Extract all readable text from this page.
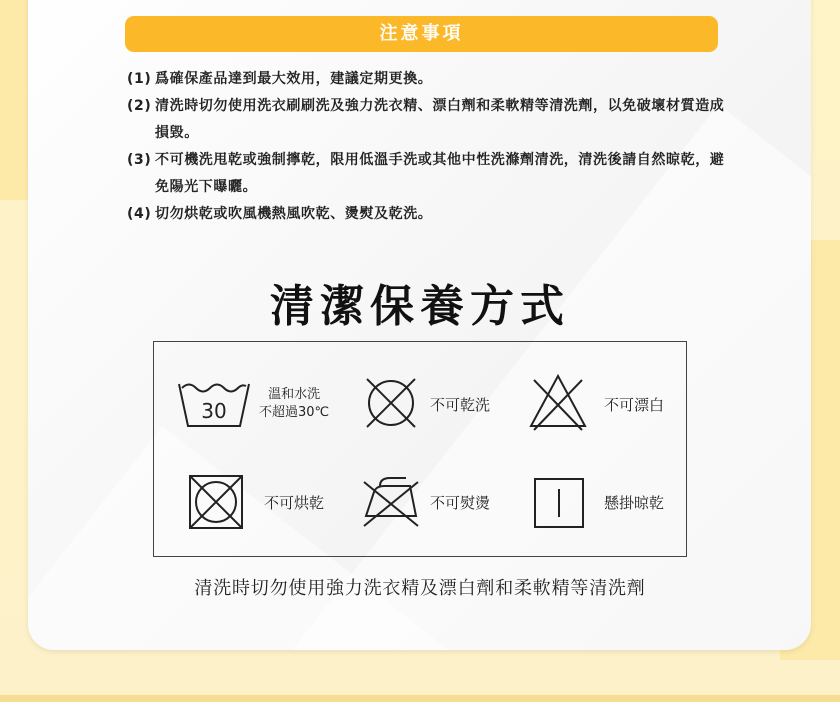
注意事項
(1) 爲確保產品達到最大效用，建議定期更換。
(2) 清洗時切勿使用洗衣刷刷洗及強力洗衣精、漂白劑和柔軟精等清洗劑，以免破壞材質造成損毀。
(3) 不可機洗甩乾或強制擰乾，限用低溫手洗或其他中性洗滌劑清洗，清洗後請自然晾乾，避免陽光下曝曬。
(4) 切勿烘乾或吹風機熱風吹乾、燙熨及乾洗。
清潔保養方式
30
溫和水洗
不超過30℃	不可乾洗	不可漂白
不可烘乾	不可熨燙	懸掛晾乾
清洗時切勿使用強力洗衣精及漂白劑和柔軟精等清洗劑
